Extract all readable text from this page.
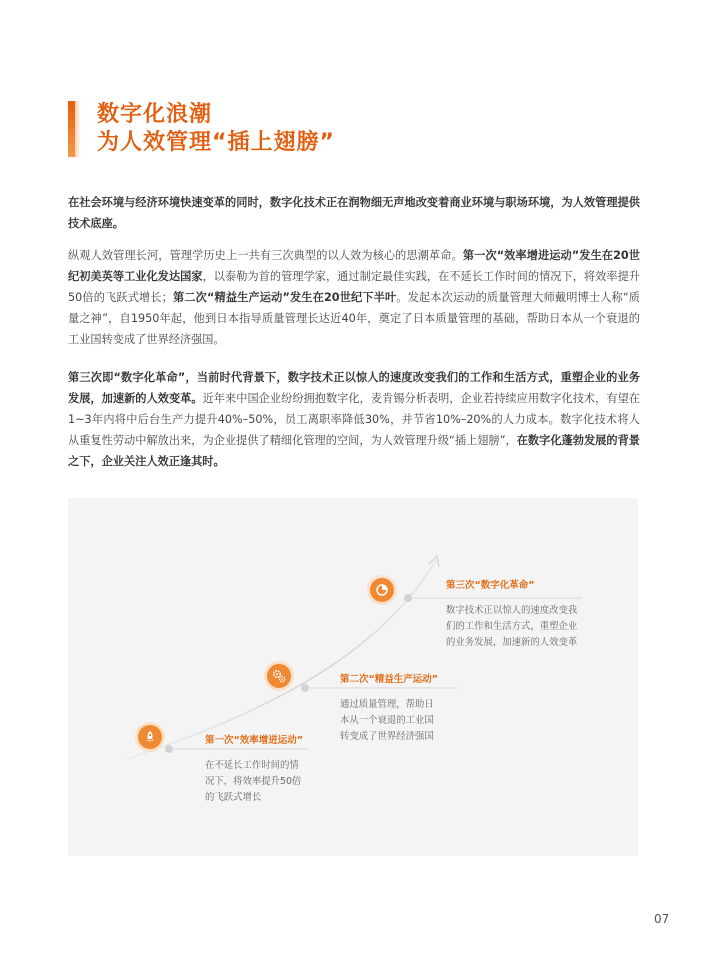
数字化浪潮
为人效管理“插上翅膀”

在社会环境与经济环境快速变革的同时，数字化技术正在润物细无声地改变着商业环境与职场环境，为人效管理提供技术底座。

纵观人效管理长河，管理学历史上一共有三次典型的以人效为核心的思潮革命。第一次“效率增进运动”发生在20世纪初美英等工业化发达国家，以泰勒为首的管理学家，通过制定最佳实践，在不延长工作时间的情况下，将效率提升50倍的飞跃式增长；第二次“精益生产运动”发生在20世纪下半叶。发起本次运动的质量管理大师戴明博士人称“质量之神”，自1950年起，他到日本指导质量管理长达近40年，奠定了日本质量管理的基础，帮助日本从一个衰退的工业国转变成了世界经济强国。

第三次即“数字化革命”，当前时代背景下，数字技术正以惊人的速度改变我们的工作和生活方式，重塑企业的业务发展，加速新的人效变革。近年来中国企业纷纷拥抱数字化，麦肯锡分析表明，企业若持续应用数字化技术，有望在1~3年内将中后台生产力提升40%–50%，员工离职率降低30%，并节省10%–20%的人力成本。数字化技术将人从重复性劳动中解放出来，为企业提供了精细化管理的空间，为人效管理升级“插上翅膀”，在数字化蓬勃发展的背景之下，企业关注人效正逢其时。

第一次“效率增进运动”

在不延长工作时间的情
况下，将效率提升50倍
的飞跃式增长

第二次“精益生产运动”

通过质量管理，帮助日
本从一个衰退的工业国
转变成了世界经济强国

第三次“数字化革命”

数字技术正以惊人的速度改变我
们的工作和生活方式，重塑企业
的业务发展，加速新的人效变革

07
